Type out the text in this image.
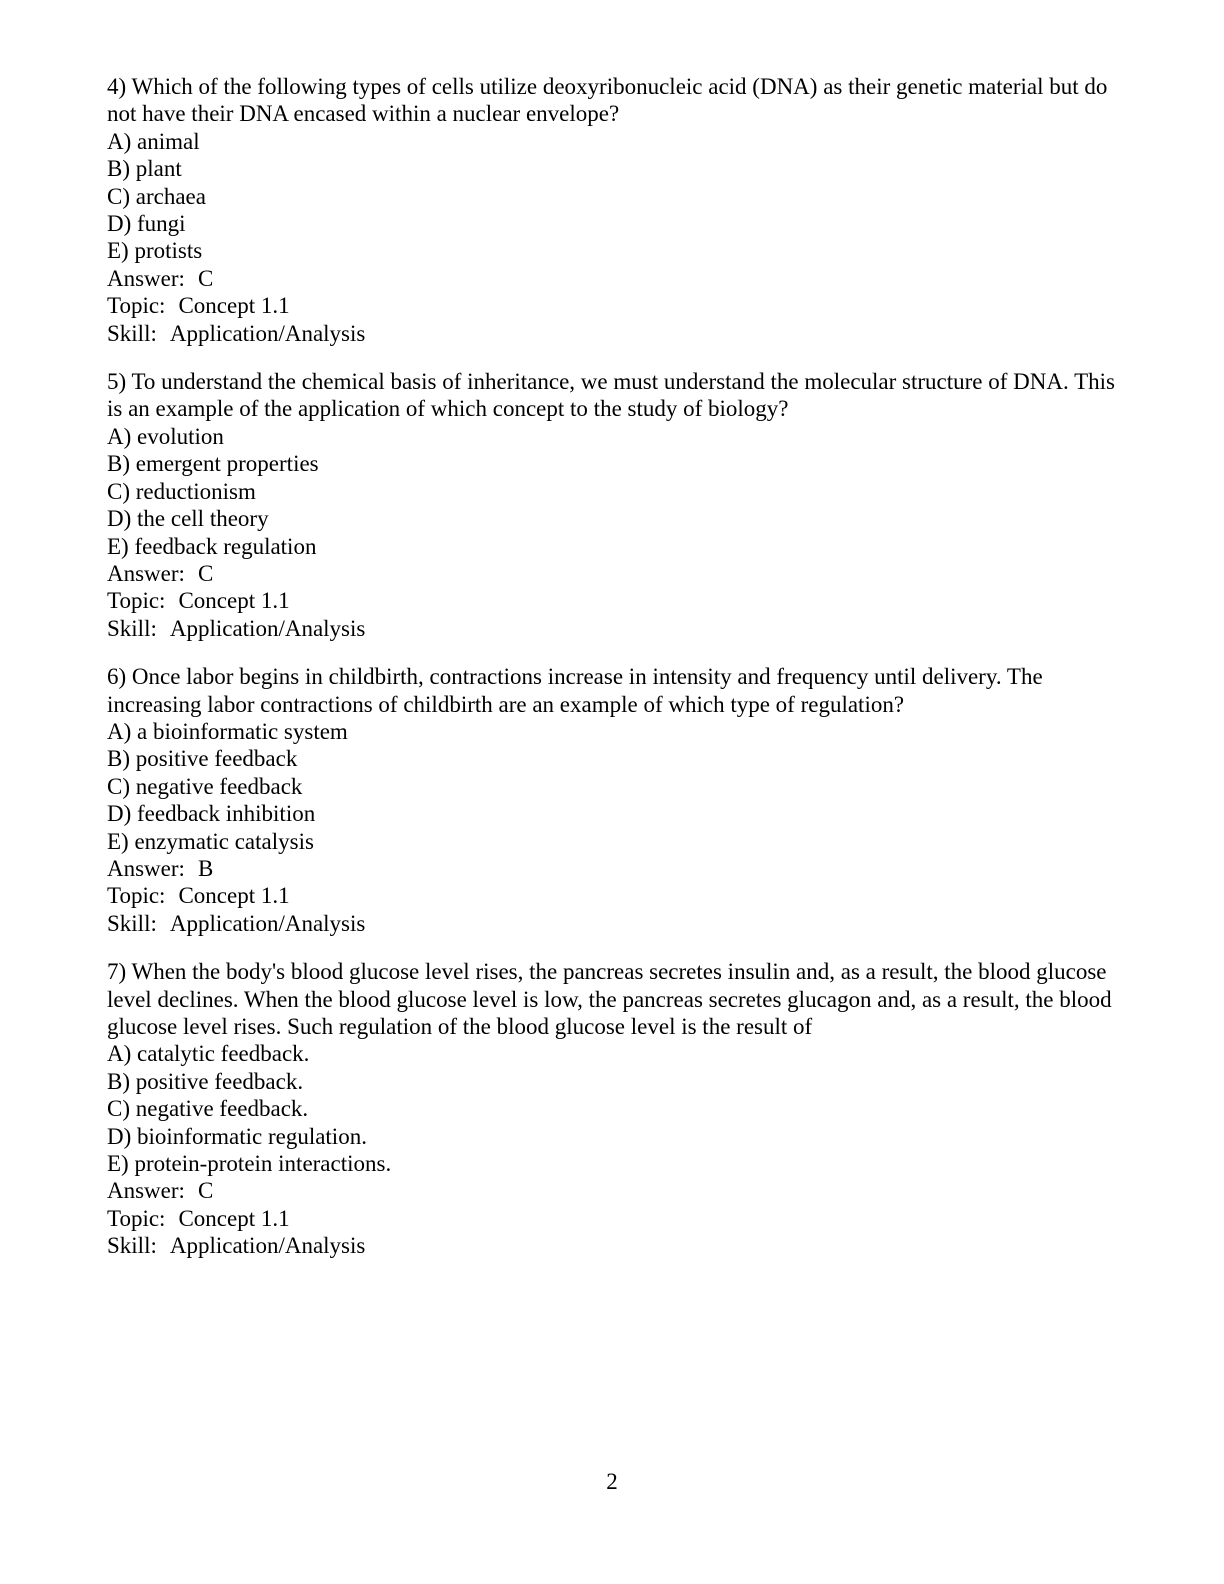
4) Which of the following types of cells utilize deoxyribonucleic acid (DNA) as their genetic material but do not have their DNA encased within a nuclear envelope?

A) animal
B) plant
C) archaea
D) fungi
E) protists
Answer: C
Topic: Concept 1.1
Skill: Application/Analysis

5) To understand the chemical basis of inheritance, we must understand the molecular structure of DNA. This is an example of the application of which concept to the study of biology?

A) evolution
B) emergent properties
C) reductionism
D) the cell theory
E) feedback regulation
Answer: C
Topic: Concept 1.1
Skill: Application/Analysis

6) Once labor begins in childbirth, contractions increase in intensity and frequency until delivery. The increasing labor contractions of childbirth are an example of which type of regulation?

A) a bioinformatic system
B) positive feedback
C) negative feedback
D) feedback inhibition
E) enzymatic catalysis
Answer: B
Topic: Concept 1.1
Skill: Application/Analysis

7) When the body's blood glucose level rises, the pancreas secretes insulin and, as a result, the blood glucose level declines. When the blood glucose level is low, the pancreas secretes glucagon and, as a result, the blood glucose level rises. Such regulation of the blood glucose level is the result of

A) catalytic feedback.
B) positive feedback.
C) negative feedback.
D) bioinformatic regulation.
E) protein-protein interactions.
Answer: C
Topic: Concept 1.1
Skill: Application/Analysis
2
